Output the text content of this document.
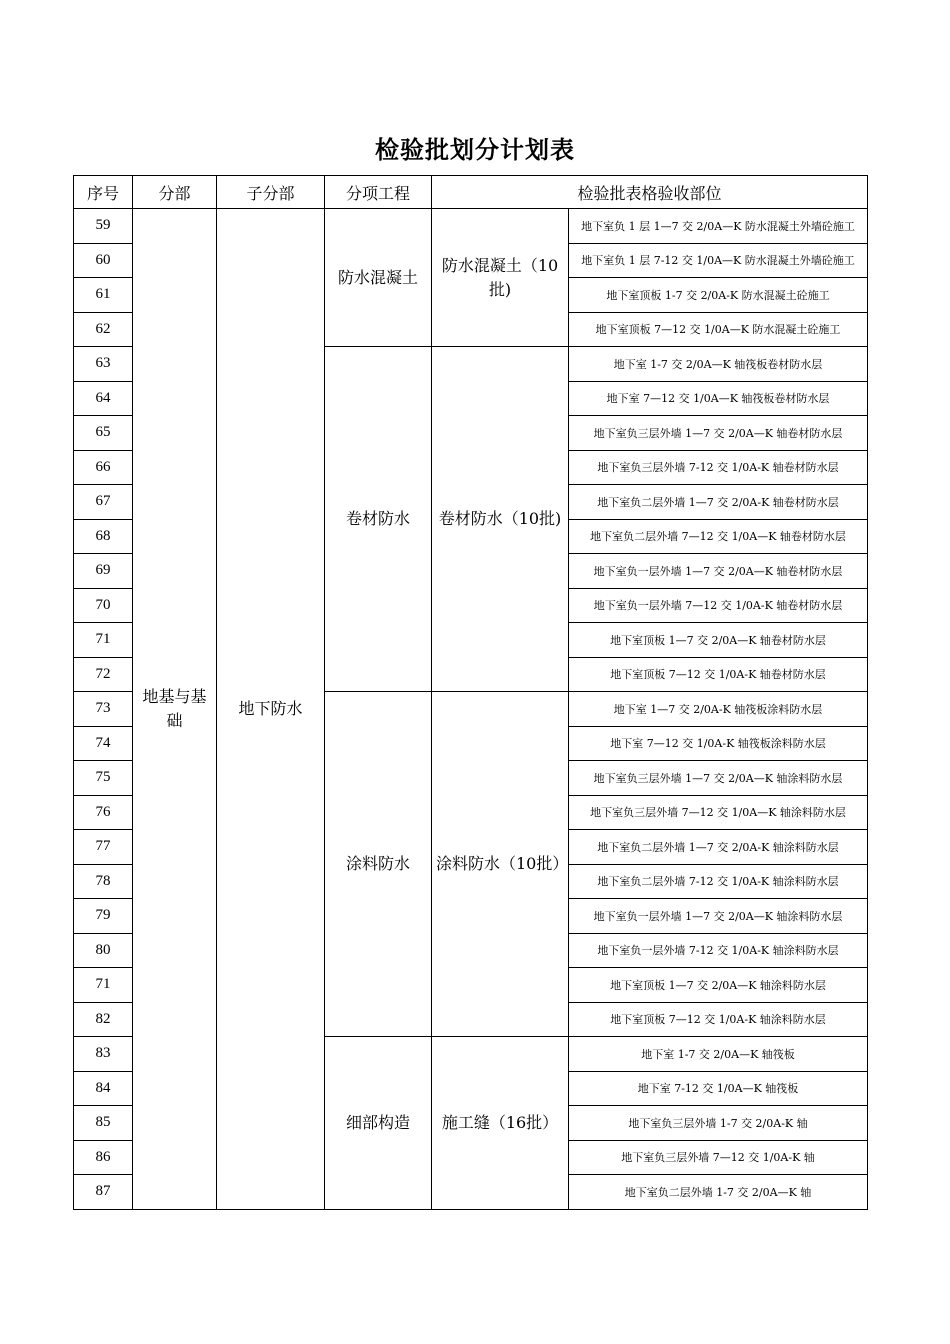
检验批划分计划表
序号	分部	子分部	分项工程	检验批表格验收部位	
59	地基与基础	地下防水	防水混凝土	防水混凝土（10批)	地下室负 1 层 1—7 交 2/0A—K 防水混凝土外墙砼施工
60					地下室负 1 层 7-12 交 1/0A—K 防水混凝土外墙砼施工
61					地下室顶板 1-7 交 2/0A-K 防水混凝土砼施工
62					地下室顶板 7—12 交 1/0A—K 防水混凝土砼施工
63			卷材防水	卷材防水（10批)	地下室 1-7 交 2/0A—K 轴筏板卷材防水层
64					地下室 7—12 交 1/0A—K 轴筏板卷材防水层
65					地下室负三层外墙 1—7 交 2/0A—K 轴卷材防水层
66					地下室负三层外墙 7-12 交 1/0A-K 轴卷材防水层
67					地下室负二层外墙 1—7 交 2/0A-K 轴卷材防水层
68					地下室负二层外墙 7—12 交 1/0A—K 轴卷材防水层
69					地下室负一层外墙 1—7 交 2/0A—K 轴卷材防水层
70					地下室负一层外墙 7—12 交 1/0A-K 轴卷材防水层
71					地下室顶板 1—7 交 2/0A—K 轴卷材防水层
72					地下室顶板 7—12 交 1/0A-K 轴卷材防水层
73			涂料防水	涂料防水（10批）	地下室 1—7 交 2/0A-K 轴筏板涂料防水层
74					地下室 7—12 交 1/0A-K 轴筏板涂料防水层
75					地下室负三层外墙 1—7 交 2/0A—K 轴涂料防水层
76					地下室负三层外墙 7—12 交 1/0A—K 轴涂料防水层
77					地下室负二层外墙 1—7 交 2/0A-K 轴涂料防水层
78					地下室负二层外墙 7-12 交 1/0A-K 轴涂料防水层
79					地下室负一层外墙 1—7 交 2/0A—K 轴涂料防水层
80					地下室负一层外墙 7-12 交 1/0A-K 轴涂料防水层
71					地下室顶板 1—7 交 2/0A—K 轴涂料防水层
82					地下室顶板 7—12 交 1/0A-K 轴涂料防水层
83			细部构造	施工缝（16批）	地下室 1-7 交 2/0A—K 轴筏板
84					地下室 7-12 交 1/0A—K 轴筏板
85					地下室负三层外墙 1-7 交 2/0A-K 轴
86					地下室负三层外墙 7—12 交 1/0A-K 轴
87					地下室负二层外墙 1-7 交 2/0A—K 轴
